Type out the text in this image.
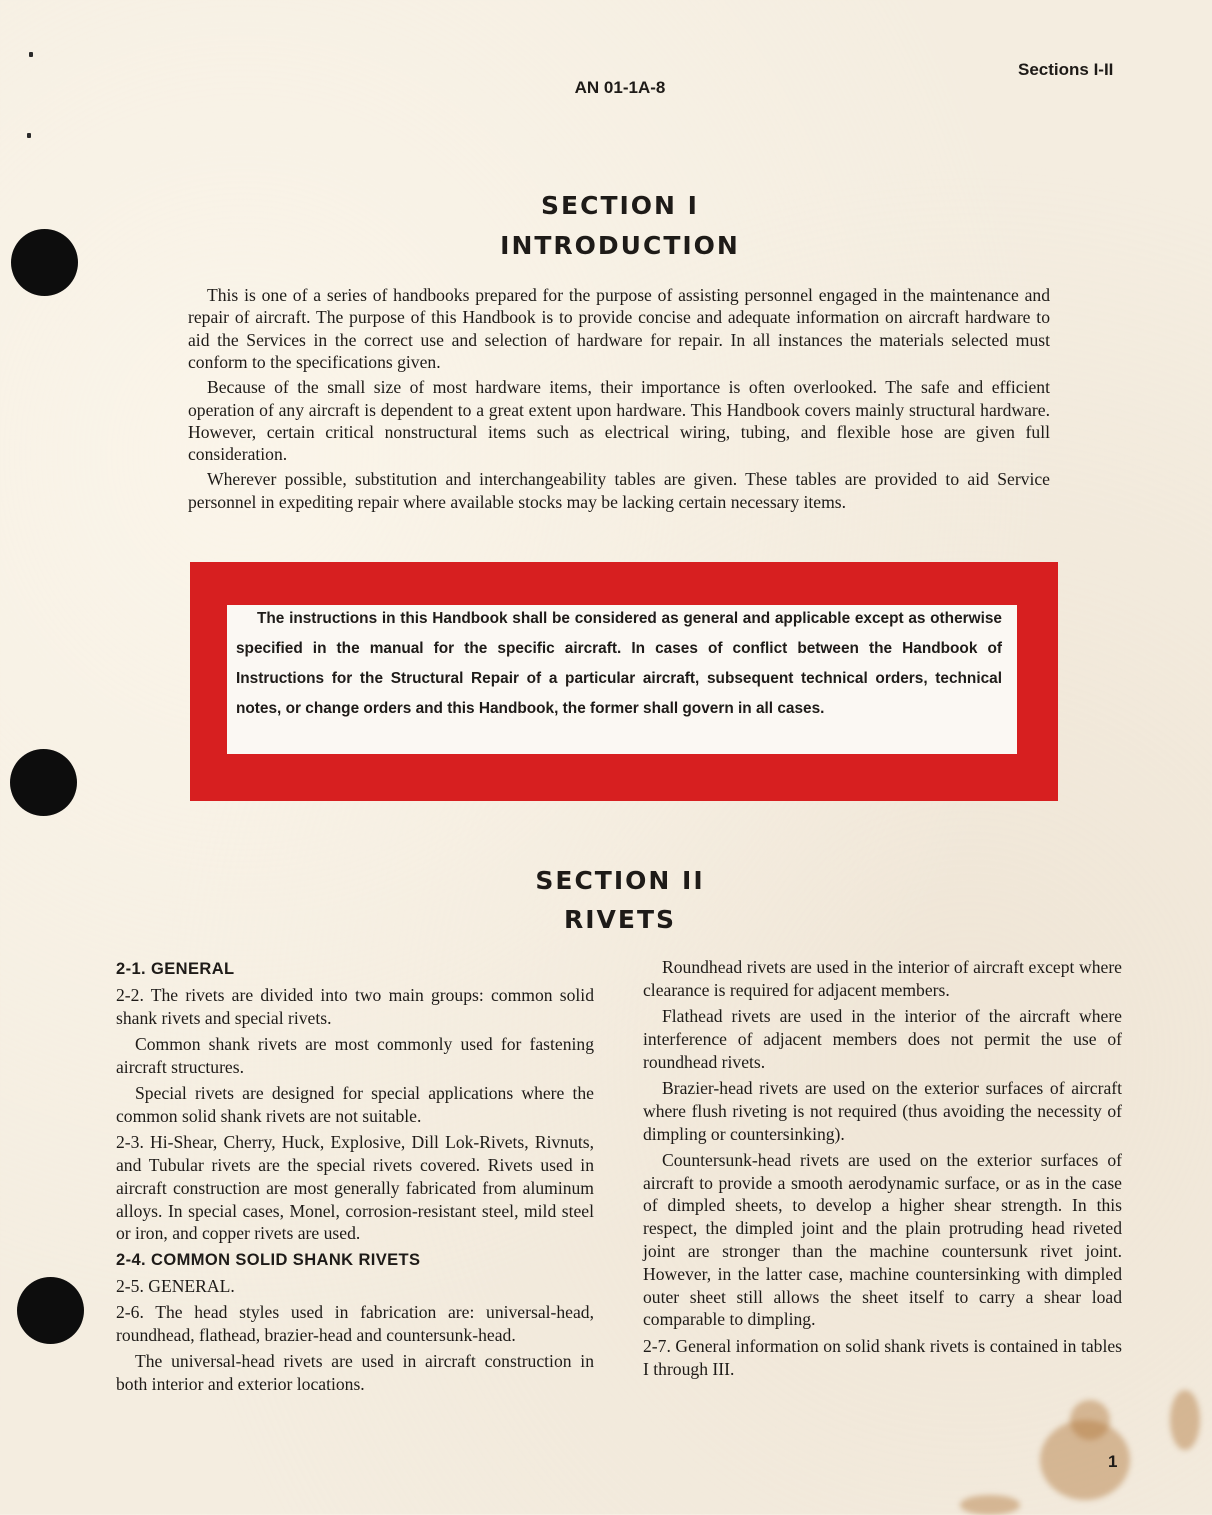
Sections I-II
AN 01-1A-8
SECTION I
INTRODUCTION

This is one of a series of handbooks prepared for the purpose of assisting personnel engaged in the maintenance and repair of aircraft. The purpose of this Handbook is to provide concise and adequate information on aircraft hardware to aid the Services in the correct use and selection of hardware for repair. In all instances the materials selected must conform to the specifications given.

Because of the small size of most hardware items, their importance is often overlooked. The safe and efficient operation of any aircraft is dependent to a great extent upon hardware. This Handbook covers mainly structural hardware. However, certain critical nonstructural items such as electrical wiring, tubing, and flexible hose are given full consideration.

Wherever possible, substitution and interchangeability tables are given. These tables are provided to aid Service personnel in expediting repair where available stocks may be lacking certain necessary items.

The instructions in this Handbook shall be considered as general and applicable except as otherwise specified in the manual for the specific aircraft. In cases of conflict between the Handbook of Instructions for the Structural Repair of a particular aircraft, subsequent technical orders, technical notes, or change orders and this Handbook, the former shall govern in all cases.

SECTION II
RIVETS
2-1. GENERAL

2-2. The rivets are divided into two main groups: common solid shank rivets and special rivets.

Common shank rivets are most commonly used for fastening aircraft structures.

Special rivets are designed for special applications where the common solid shank rivets are not suitable.

2-3. Hi-Shear, Cherry, Huck, Explosive, Dill Lok-Rivets, Rivnuts, and Tubular rivets are the special rivets covered. Rivets used in aircraft construction are most generally fabricated from aluminum alloys. In special cases, Monel, corrosion-resistant steel, mild steel or iron, and copper rivets are used.

2-4. COMMON SOLID SHANK RIVETS

2-5. GENERAL.

2-6. The head styles used in fabrication are: universal-head, roundhead, flathead, brazier-head and countersunk-head.

The universal-head rivets are used in aircraft construction in both interior and exterior locations.

Roundhead rivets are used in the interior of aircraft except where clearance is required for adjacent members.

Flathead rivets are used in the interior of the aircraft where interference of adjacent members does not permit the use of roundhead rivets.

Brazier-head rivets are used on the exterior surfaces of aircraft where flush riveting is not required (thus avoiding the necessity of dimpling or countersinking).

Countersunk-head rivets are used on the exterior surfaces of aircraft to provide a smooth aerodynamic surface, or as in the case of dimpled sheets, to develop a higher shear strength. In this respect, the dimpled joint and the plain protruding head riveted joint are stronger than the machine countersunk rivet joint. However, in the latter case, machine countersinking with dimpled outer sheet still allows the sheet itself to carry a shear load comparable to dimpling.

2-7. General information on solid shank rivets is contained in tables I through III.

1
